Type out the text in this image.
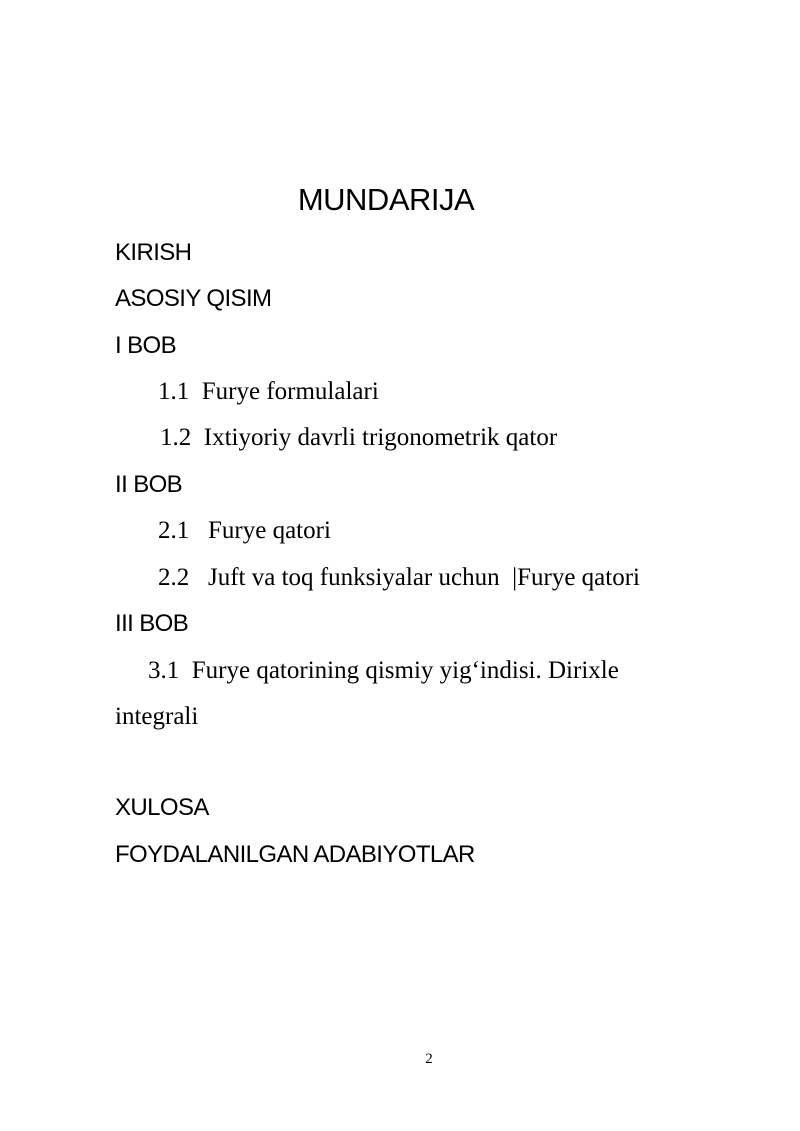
MUNDARIJA
KIRISH
ASOSIY QISIM
I BOB
1.1 Furye formulalari
1.2 Ixtiyoriy davrli trigonometrik qator
II BOB
2.1 Furye qatori
2.2 Juft va toq funksiyalar uchun  |Furye qatori
III BOB
3.1 Furye qatorining qismiy yig‘indisi. Dirixle
integrali
XULOSA
FOYDALANILGAN ADABIYOTLAR
2
